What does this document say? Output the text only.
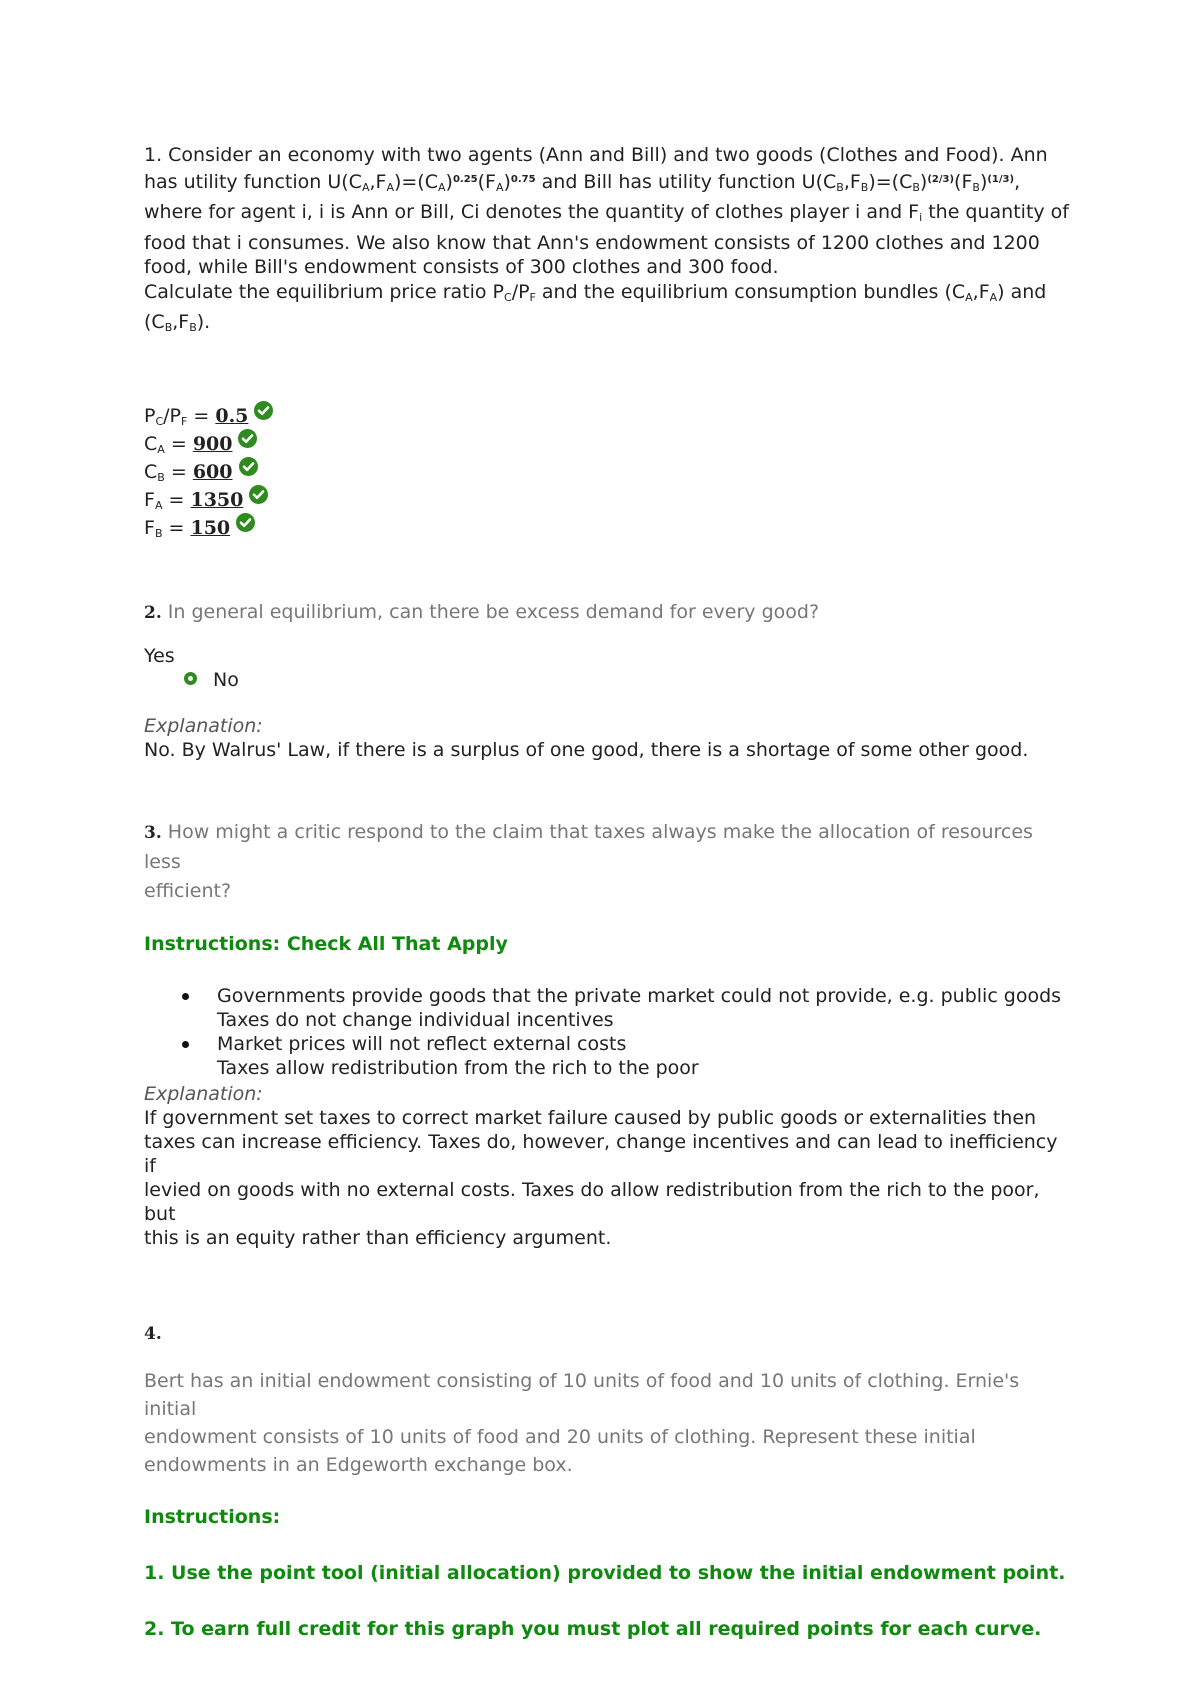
1. Consider an economy with two agents (Ann and Bill) and two goods (Clothes and Food). Ann

has utility function $U(C_A,F_A)=(C_A)^{0.25}(F_A)^{0.75}$ and Bill has utility function $U(C_B,F_B)=(C_B)^{(2/3)}(F_B)^{(1/3)}$,

where for agent i, i is Ann or Bill, Ci denotes the quantity of clothes player i and $F_i$ the quantity of

food that i consumes. We also know that Ann's endowment consists of 1200 clothes and 1200

food, while Bill's endowment consists of 300 clothes and 300 food.

Calculate the equilibrium price ratio $P_C/P_F$ and the equilibrium consumption bundles $(C_A,F_A)$ and

$(C_B,F_B)$.

$P_C/P_F = 0.5$
$C_A = 900$
$C_B = 600$
$F_A = 1350$
$F_B = 150$

2. In general equilibrium, can there be excess demand for every good?

Yes

No

Explanation:

No. By Walrus' Law, if there is a surplus of one good, there is a shortage of some other good.

3. How might a critic respond to the claim that taxes always make the allocation of resources less
efficient?

Instructions: Check All That Apply

Governments provide goods that the private market could not provide, e.g. public goods
Taxes do not change individual incentives
Market prices will not reflect external costs
Taxes allow redistribution from the rich to the poor

Explanation:

If government set taxes to correct market failure caused by public goods or externalities then

taxes can increase efficiency. Taxes do, however, change incentives and can lead to inefficiency if

levied on goods with no external costs. Taxes do allow redistribution from the rich to the poor, but

this is an equity rather than efficiency argument.

4.

Bert has an initial endowment consisting of 10 units of food and 10 units of clothing. Ernie's initial

endowment consists of 10 units of food and 20 units of clothing. Represent these initial

endowments in an Edgeworth exchange box.

Instructions:

1. Use the point tool (initial allocation) provided to show the initial endowment point.

2. To earn full credit for this graph you must plot all required points for each curve.
